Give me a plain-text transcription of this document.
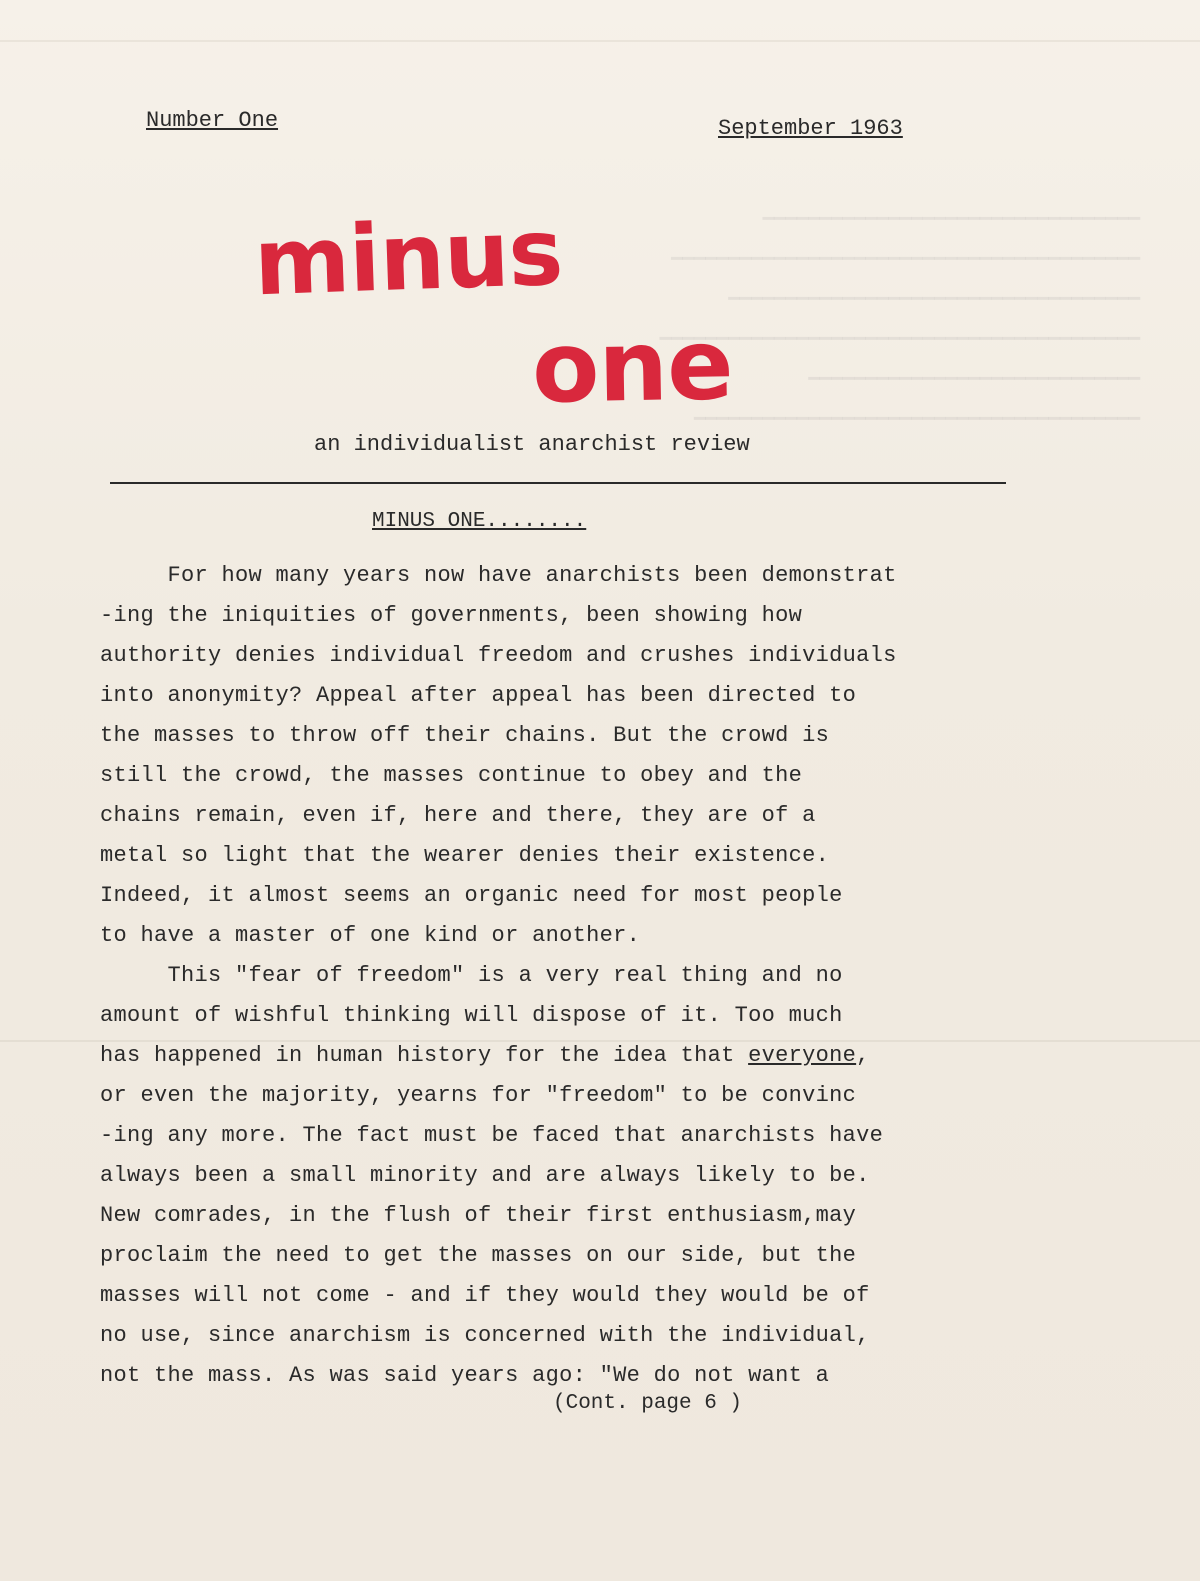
Number One	September 1963
minus
one
an individualist anarchist review
MINUS ONE........
For how many years now have anarchists been demonstrat
-ing the iniquities of governments, been showing how
authority denies individual freedom and crushes individuals
into anonymity? Appeal after appeal has been directed to
the masses to throw off their chains. But the crowd is
still the crowd, the masses continue to obey and the
chains remain, even if, here and there, they are of a
metal so light that the wearer denies their existence.
Indeed, it almost seems an organic need for most people
to have a master of one kind or another.
This "fear of freedom" is a very real thing and no
amount of wishful thinking will dispose of it. Too much
has happened in human history for the idea that everyone,
or even the majority, yearns for "freedom" to be convinc
-ing any more. The fact must be faced that anarchists have
always been a small minority and are always likely to be.
New comrades, in the flush of their first enthusiasm,may
proclaim the need to get the masses on our side, but the
masses will not come - and if they would they would be of
no use, since anarchism is concerned with the individual,
not the mass. As was said years ago: "We do not want a
(Cont. page 6 )
